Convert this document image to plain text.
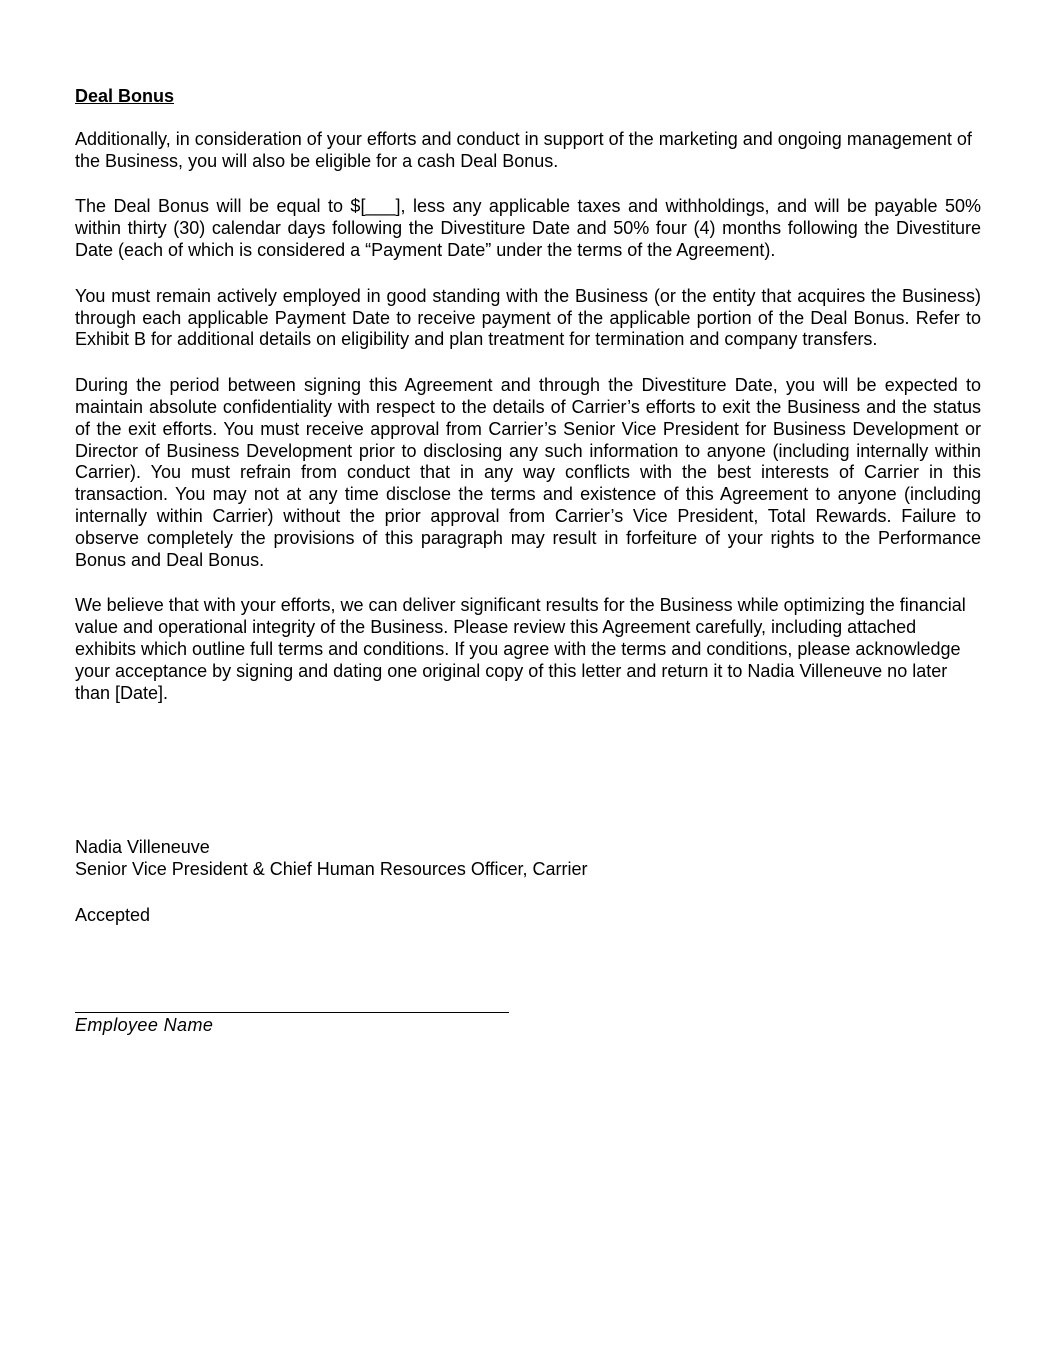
Deal Bonus

Additionally, in consideration of your efforts and conduct in support of the marketing and ongoing management of the Business, you will also be eligible for a cash Deal Bonus.

The Deal Bonus will be equal to $[___], less any applicable taxes and withholdings, and will be payable 50% within thirty (30) calendar days following the Divestiture Date and 50% four (4) months following the Divestiture Date (each of which is considered a “Payment Date” under the terms of the Agreement).

You must remain actively employed in good standing with the Business (or the entity that acquires the Business) through each applicable Payment Date to receive payment of the applicable portion of the Deal Bonus. Refer to Exhibit B for additional details on eligibility and plan treatment for termination and company transfers.

During the period between signing this Agreement and through the Divestiture Date, you will be expected to maintain absolute confidentiality with respect to the details of Carrier’s efforts to exit the Business and the status of the exit efforts. You must receive approval from Carrier’s Senior Vice President for Business Development or Director of Business Development prior to disclosing any such information to anyone (including internally within Carrier). You must refrain from conduct that in any way conflicts with the best interests of Carrier in this transaction. You may not at any time disclose the terms and existence of this Agreement to anyone (including internally within Carrier) without the prior approval from Carrier’s Vice President, Total Rewards. Failure to observe completely the provisions of this paragraph may result in forfeiture of your rights to the Performance Bonus and Deal Bonus.

We believe that with your efforts, we can deliver significant results for the Business while optimizing the financial value and operational integrity of the Business. Please review this Agreement carefully, including attached exhibits which outline full terms and conditions. If you agree with the terms and conditions, please acknowledge your acceptance by signing and dating one original copy of this letter and return it to Nadia Villeneuve no later than [Date].

Nadia Villeneuve
Senior Vice President & Chief Human Resources Officer, Carrier
Accepted
Employee Name
